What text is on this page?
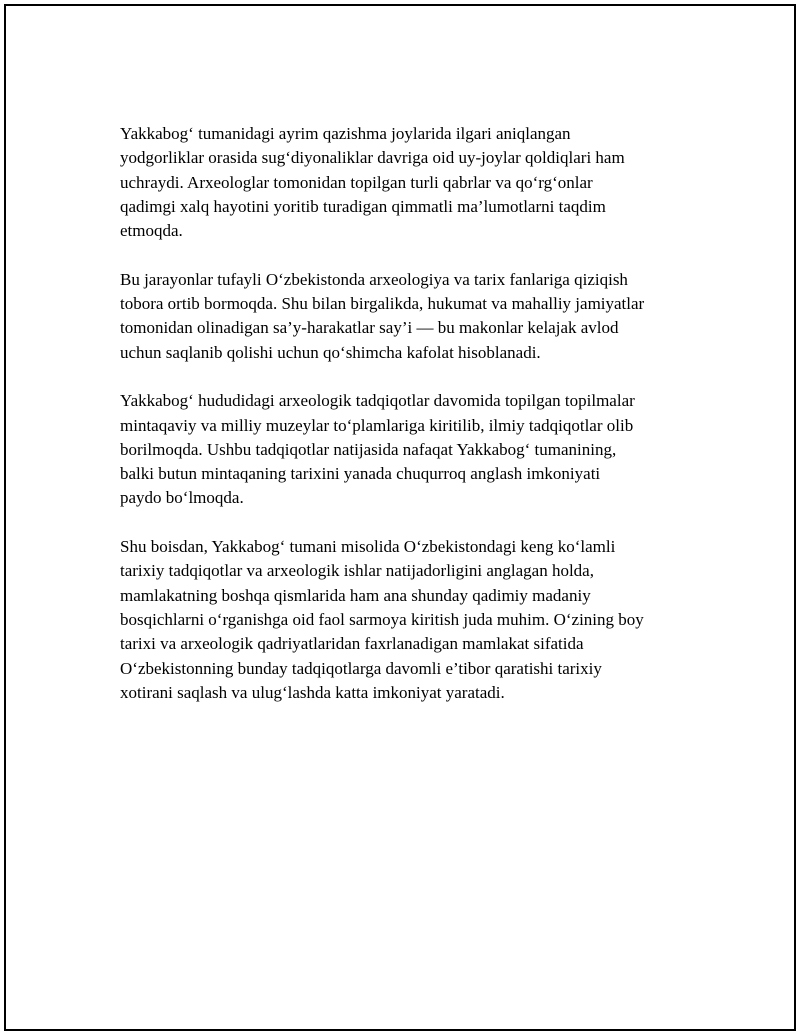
Yakkabog‘ tumanidagi ayrim qazishma joylarida ilgari aniqlangan
yodgorliklar orasida sug‘diyonaliklar davriga oid uy-joylar qoldiqlari ham
uchraydi. Arxeologlar tomonidan topilgan turli qabrlar va qo‘rg‘onlar
qadimgi xalq hayotini yoritib turadigan qimmatli ma’lumotlarni taqdim
etmoqda.

Bu jarayonlar tufayli O‘zbekistonda arxeologiya va tarix fanlariga qiziqish
tobora ortib bormoqda. Shu bilan birgalikda, hukumat va mahalliy jamiyatlar
tomonidan olinadigan sa’y-harakatlar say’i — bu makonlar kelajak avlod
uchun saqlanib qolishi uchun qo‘shimcha kafolat hisoblanadi.

Yakkabog‘ hududidagi arxeologik tadqiqotlar davomida topilgan topilmalar
mintaqaviy va milliy muzeylar to‘plamlariga kiritilib, ilmiy tadqiqotlar olib
borilmoqda. Ushbu tadqiqotlar natijasida nafaqat Yakkabog‘ tumanining,
balki butun mintaqaning tarixini yanada chuqurroq anglash imkoniyati
paydo bo‘lmoqda.

Shu boisdan, Yakkabog‘ tumani misolida O‘zbekistondagi keng ko‘lamli
tarixiy tadqiqotlar va arxeologik ishlar natijadorligini anglagan holda,
mamlakatning boshqa qismlarida ham ana shunday qadimiy madaniy
bosqichlarni o‘rganishga oid faol sarmoya kiritish juda muhim. O‘zining boy
tarixi va arxeologik qadriyatlaridan faxrlanadigan mamlakat sifatida
O‘zbekistonning bunday tadqiqotlarga davomli e’tibor qaratishi tarixiy
xotirani saqlash va ulug‘lashda katta imkoniyat yaratadi.
